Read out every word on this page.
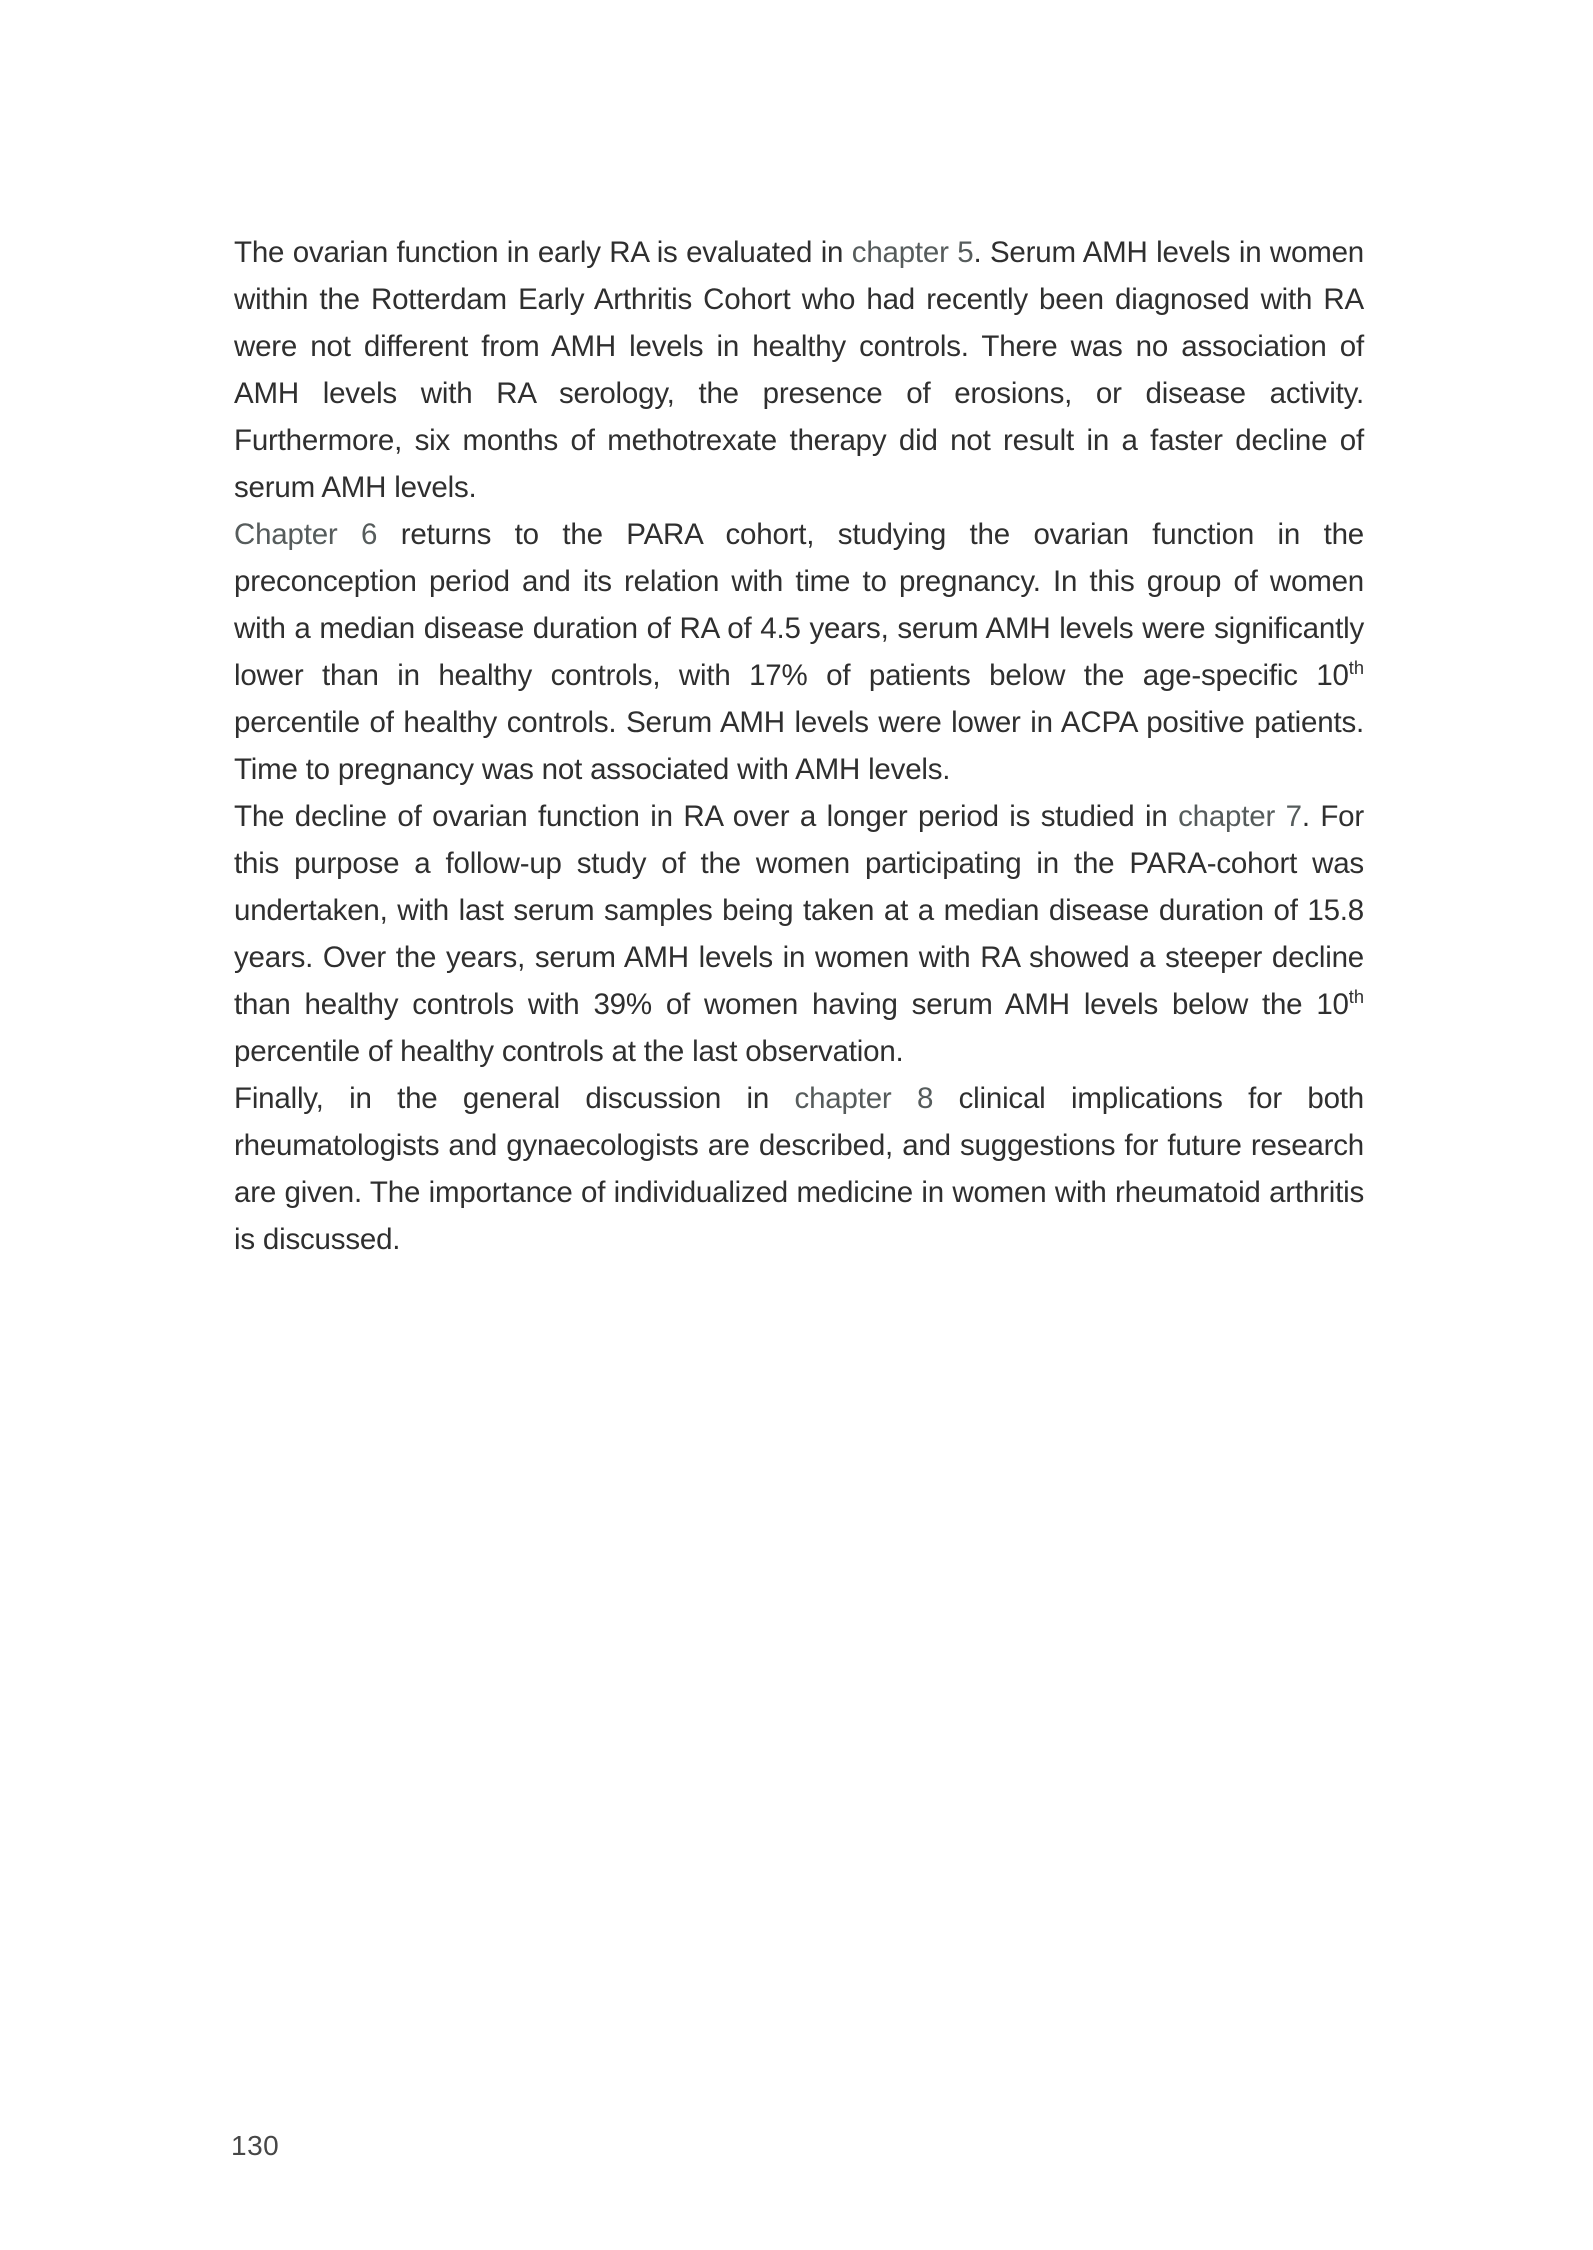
The ovarian function in early RA is evaluated in chapter 5. Serum AMH levels in women within the Rotterdam Early Arthritis Cohort who had recently been diagnosed with RA were not different from AMH levels in healthy controls. There was no association of AMH levels with RA serology, the presence of erosions, or disease activity. Furthermore, six months of methotrexate therapy did not result in a faster decline of serum AMH levels.

Chapter 6 returns to the PARA cohort, studying the ovarian function in the preconception period and its relation with time to pregnancy. In this group of women with a median disease duration of RA of 4.5 years, serum AMH levels were significantly lower than in healthy controls, with 17% of patients below the age-specific 10th percentile of healthy controls. Serum AMH levels were lower in ACPA positive patients. Time to pregnancy was not associated with AMH levels.

The decline of ovarian function in RA over a longer period is studied in chapter 7. For this purpose a follow-up study of the women participating in the PARA-cohort was undertaken, with last serum samples being taken at a median disease duration of 15.8 years. Over the years, serum AMH levels in women with RA showed a steeper decline than healthy controls with 39% of women having serum AMH levels below the 10th percentile of healthy controls at the last observation.

Finally, in the general discussion in chapter 8 clinical implications for both rheumatologists and gynaecologists are described, and suggestions for future research are given. The importance of individualized medicine in women with rheumatoid arthritis is discussed.

130
